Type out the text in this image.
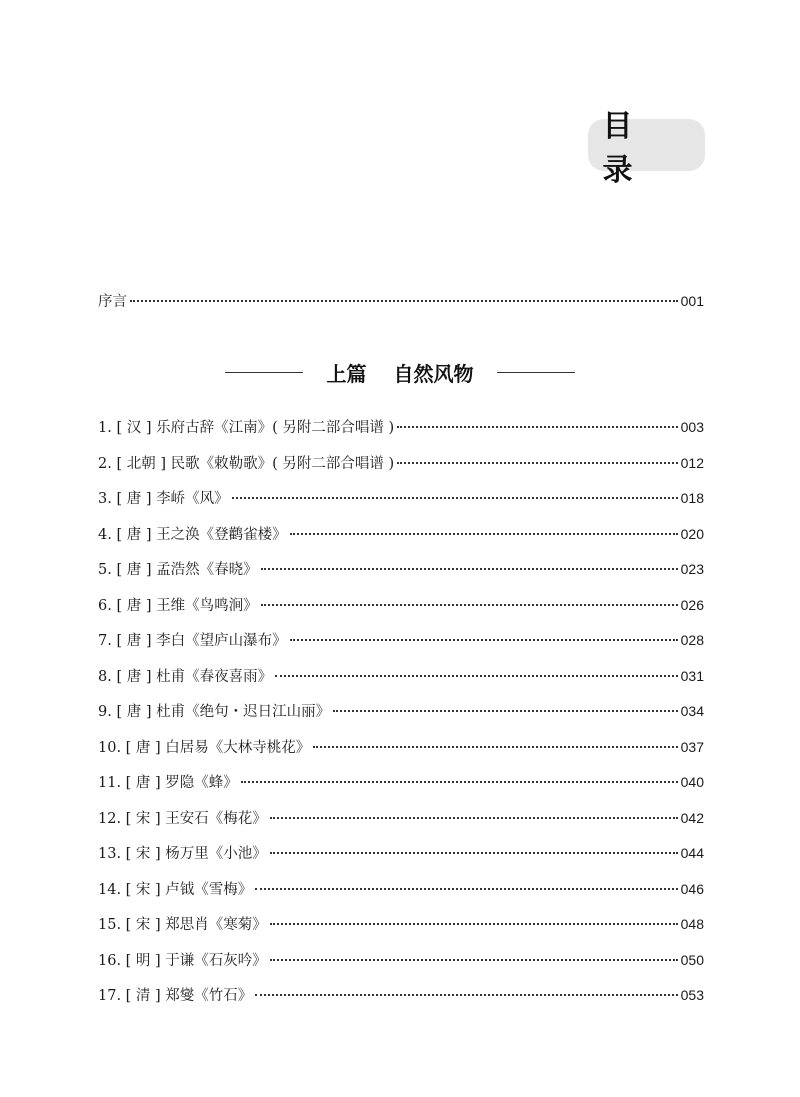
目　录
序言	001
上篇　 自然风物
1. [ 汉 ] 乐府古辞《江南》( 另附二部合唱谱 )	003
2. [ 北朝 ] 民歌《敕勒歌》( 另附二部合唱谱 )	012
3. [ 唐 ] 李峤《风》	018
4. [ 唐 ] 王之涣《登鹳雀楼》	020
5. [ 唐 ] 孟浩然《春晓》	023
6. [ 唐 ] 王维《鸟鸣涧》	026
7. [ 唐 ] 李白《望庐山瀑布》	028
8. [ 唐 ] 杜甫《春夜喜雨》	031
9. [ 唐 ] 杜甫《绝句・迟日江山丽》	034
10. [ 唐 ] 白居易《大林寺桃花》	037
11. [ 唐 ] 罗隐《蜂》	040
12. [ 宋 ] 王安石《梅花》	042
13. [ 宋 ] 杨万里《小池》	044
14. [ 宋 ] 卢钺《雪梅》	046
15. [ 宋 ] 郑思肖《寒菊》	048
16. [ 明 ] 于谦《石灰吟》	050
17. [ 清 ] 郑燮《竹石》	053
